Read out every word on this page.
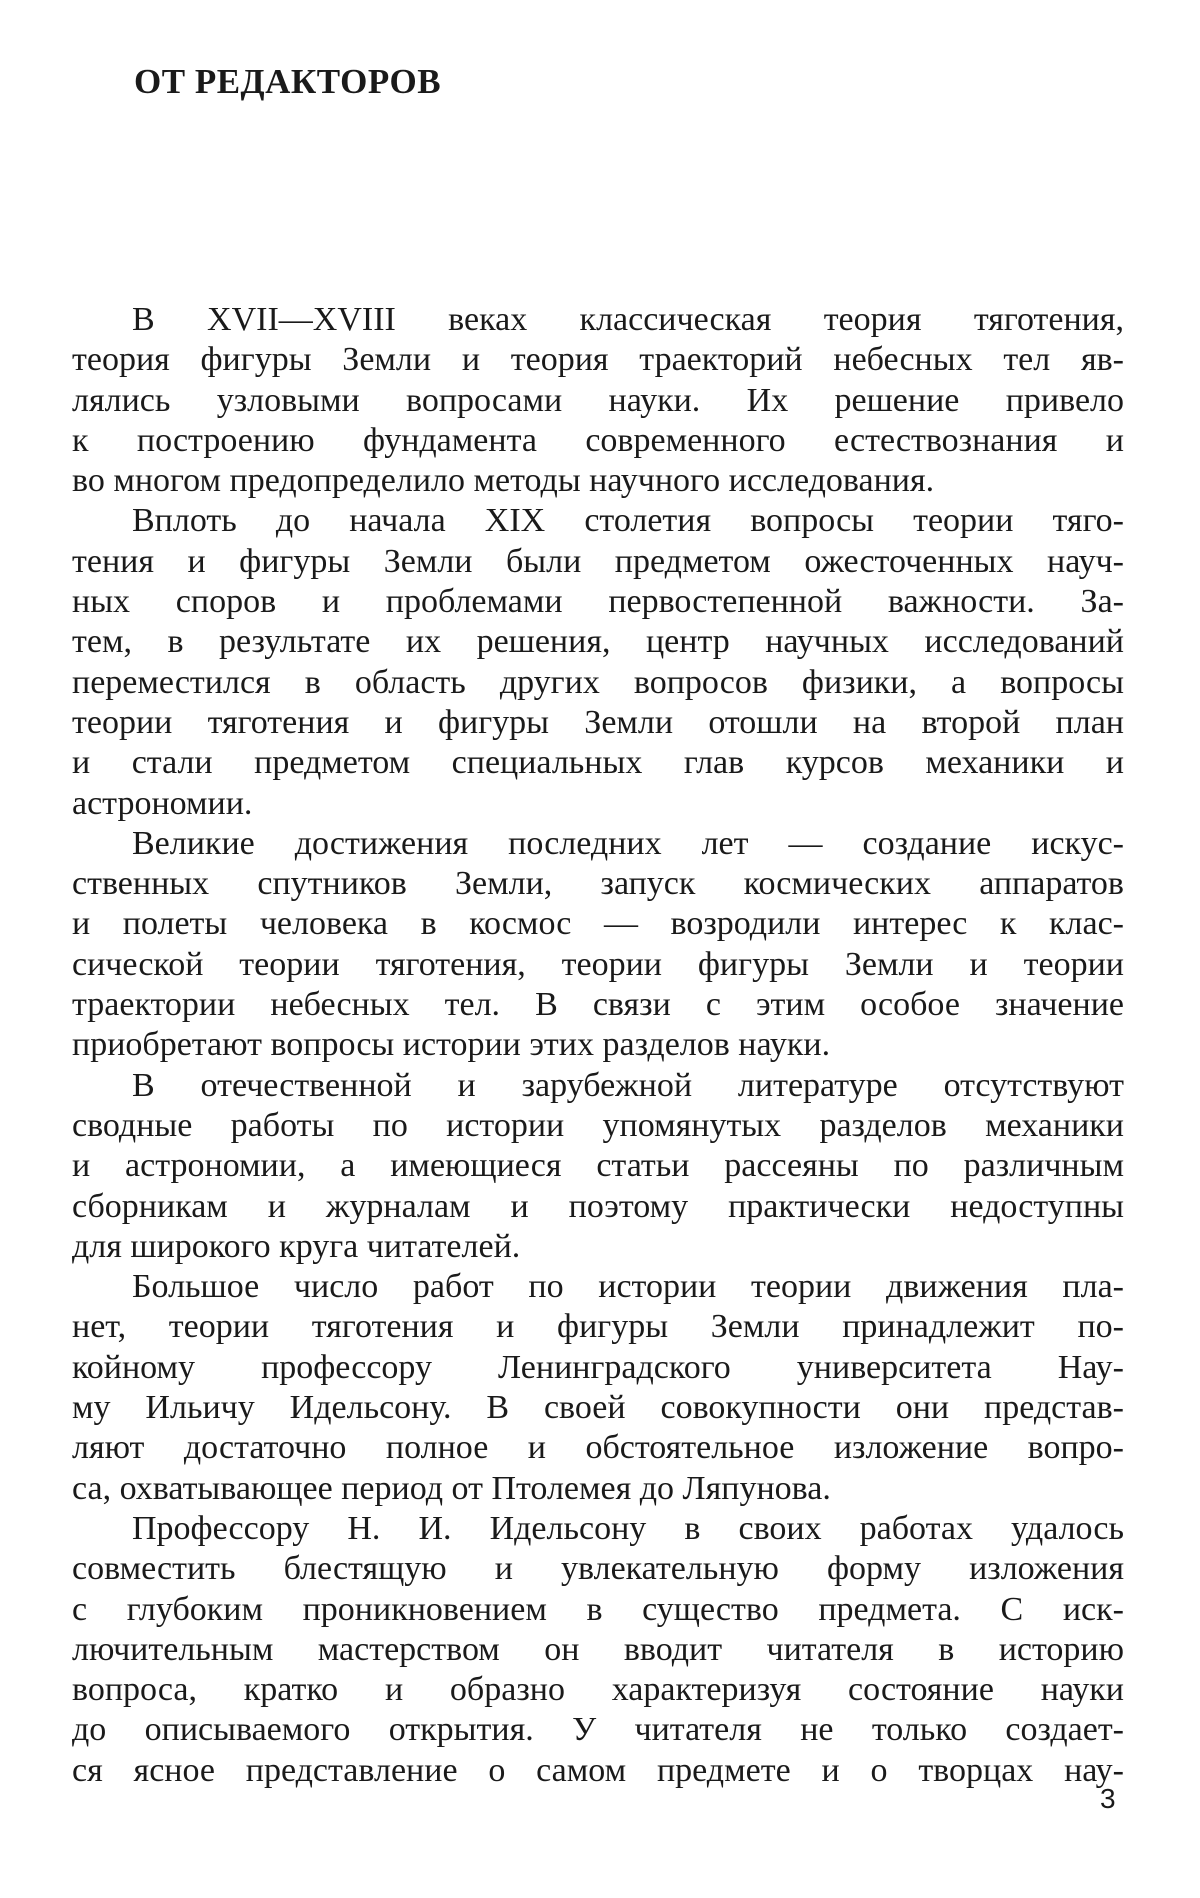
ОТ РЕДАКТОРОВ
В XVII—XVIII веках классическая теория тяготения,
теория фигуры Земли и теория траекторий небесных тел яв-
лялись узловыми вопросами науки. Их решение привело
к построению фундамента современного естествознания и
во многом предопределило методы научного исследования.
Вплоть до начала XIX столетия вопросы теории тяго-
тения и фигуры Земли были предметом ожесточенных науч-
ных споров и проблемами первостепенной важности. За-
тем, в результате их решения, центр научных исследований
переместился в область других вопросов физики, а вопросы
теории тяготения и фигуры Земли отошли на второй план
и стали предметом специальных глав курсов механики и
астрономии.
Великие достижения последних лет — создание искус-
ственных спутников Земли, запуск космических аппаратов
и полеты человека в космос — возродили интерес к клас-
сической теории тяготения, теории фигуры Земли и теории
траектории небесных тел. В связи с этим особое значение
приобретают вопросы истории этих разделов науки.
В отечественной и зарубежной литературе отсутствуют
сводные работы по истории упомянутых разделов механики
и астрономии, а имеющиеся статьи рассеяны по различным
сборникам и журналам и поэтому практически недоступны
для широкого круга читателей.
Большое число работ по истории теории движения пла-
нет, теории тяготения и фигуры Земли принадлежит по-
койному профессору Ленинградского университета Нау-
му Ильичу Идельсону. В своей совокупности они представ-
ляют достаточно полное и обстоятельное изложение вопро-
са, охватывающее период от Птолемея до Ляпунова.
Профессору Н. И. Идельсону в своих работах удалось
совместить блестящую и увлекательную форму изложения
с глубоким проникновением в существо предмета. С иск-
лючительным мастерством он вводит читателя в историю
вопроса, кратко и образно характеризуя состояние науки
до описываемого открытия. У читателя не только создает-
ся ясное представление о самом предмете и о творцах нау-
3
